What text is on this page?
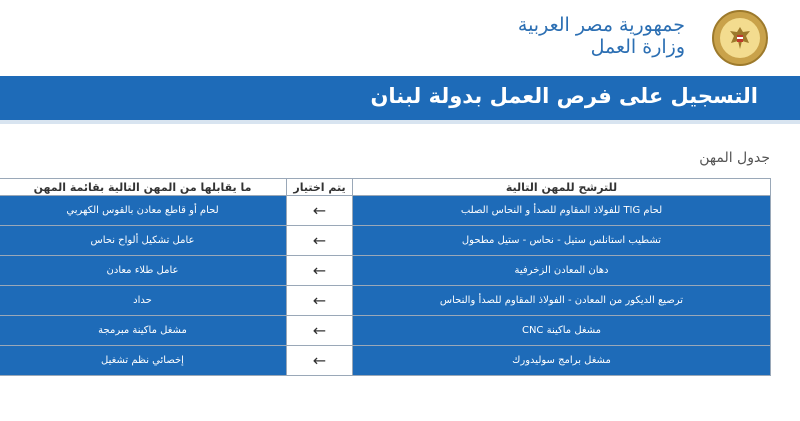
جمهورية مصر العربية
وزارة العمل
التسجيل على فرص العمل بدولة لبنان
جدول المهن
للترشح للمهن التالية	يتم اختيار	ما يقابلها من المهن التالية بقائمة المهن
لحام TIG للفولاذ المقاوم للصدأ و النحاس الصلب	←	لحام أو قاطع معادن بالقوس الكهربي
تشطيب استانلس ستيل - نحاس - ستيل مطحول	←	عامل تشكيل ألواح نحاس
دهان المعادن الزخرفية	←	عامل طلاء معادن
ترصيع الديكور من المعادن - الفولاذ المقاوم للصدأ والنحاس	←	حداد
مشغل ماكينة CNC	←	مشغل ماكينة مبرمجة
مشغل برامج سوليدورك	←	إخصائي نظم تشغيل
